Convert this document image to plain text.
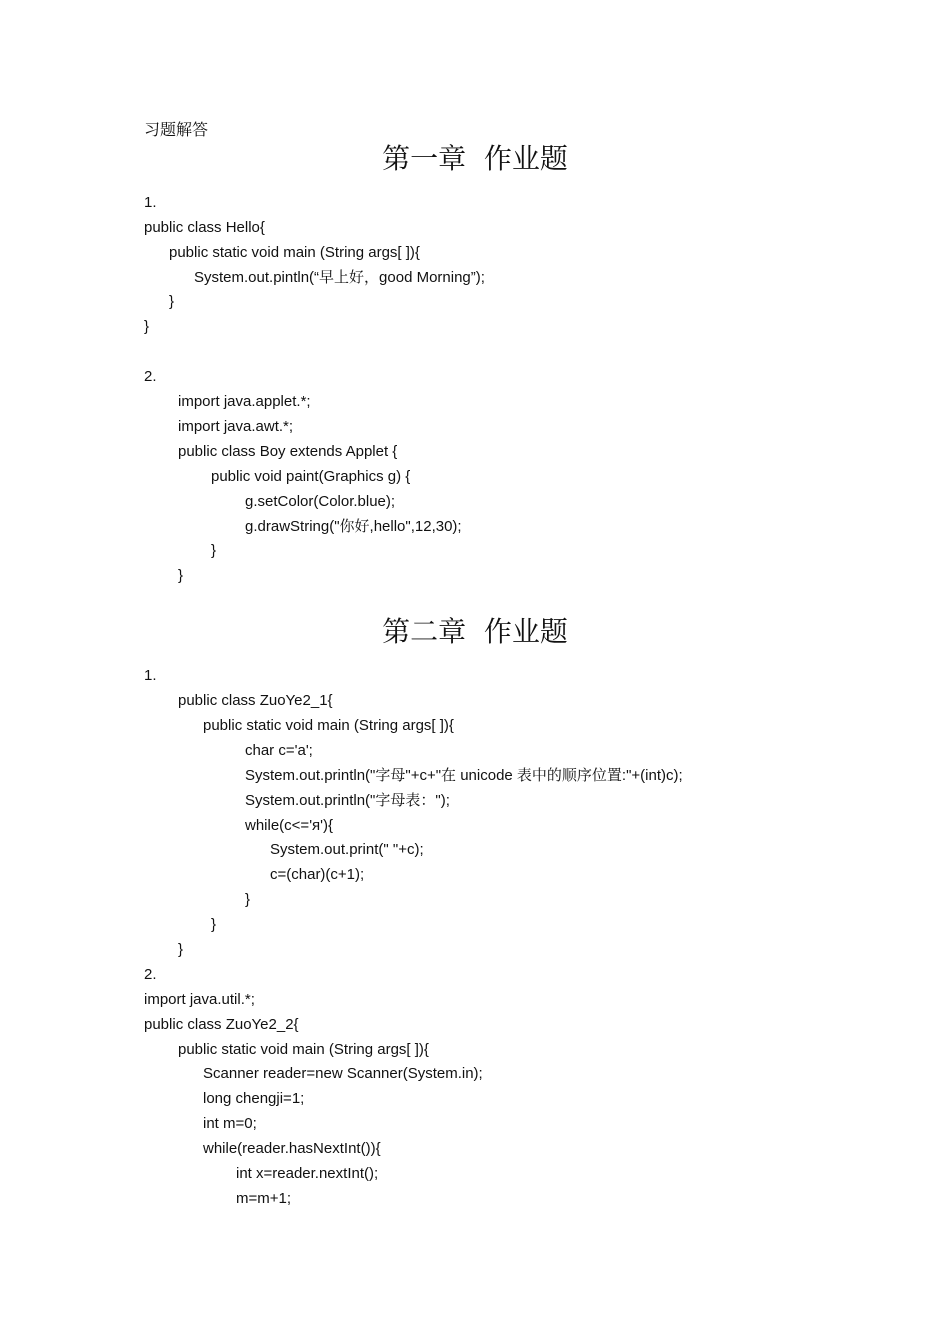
习题解答
第一章  作业题
1.
public class Hello{
public static void main (String args[ ]){
System.out.pintln(“早上好，good Morning”);
}
}
2.
import java.applet.*;
import java.awt.*;
public class Boy extends Applet {
public void paint(Graphics g) {
g.setColor(Color.blue);
g.drawString("你好,hello",12,30);
}
}
第二章  作业题
1.
public class ZuoYe2_1{
public static void main (String args[ ]){
char c='a';
System.out.println("字母"+c+"在 unicode 表中的顺序位置:"+(int)c);
System.out.println("字母表：");
while(c<='я'){
System.out.print(" "+c);
c=(char)(c+1);
}
}
}
2.
import java.util.*;
public class ZuoYe2_2{
public static void main (String args[ ]){
Scanner reader=new Scanner(System.in);
long chengji=1;
int m=0;
while(reader.hasNextInt()){
int x=reader.nextInt();
m=m+1;
